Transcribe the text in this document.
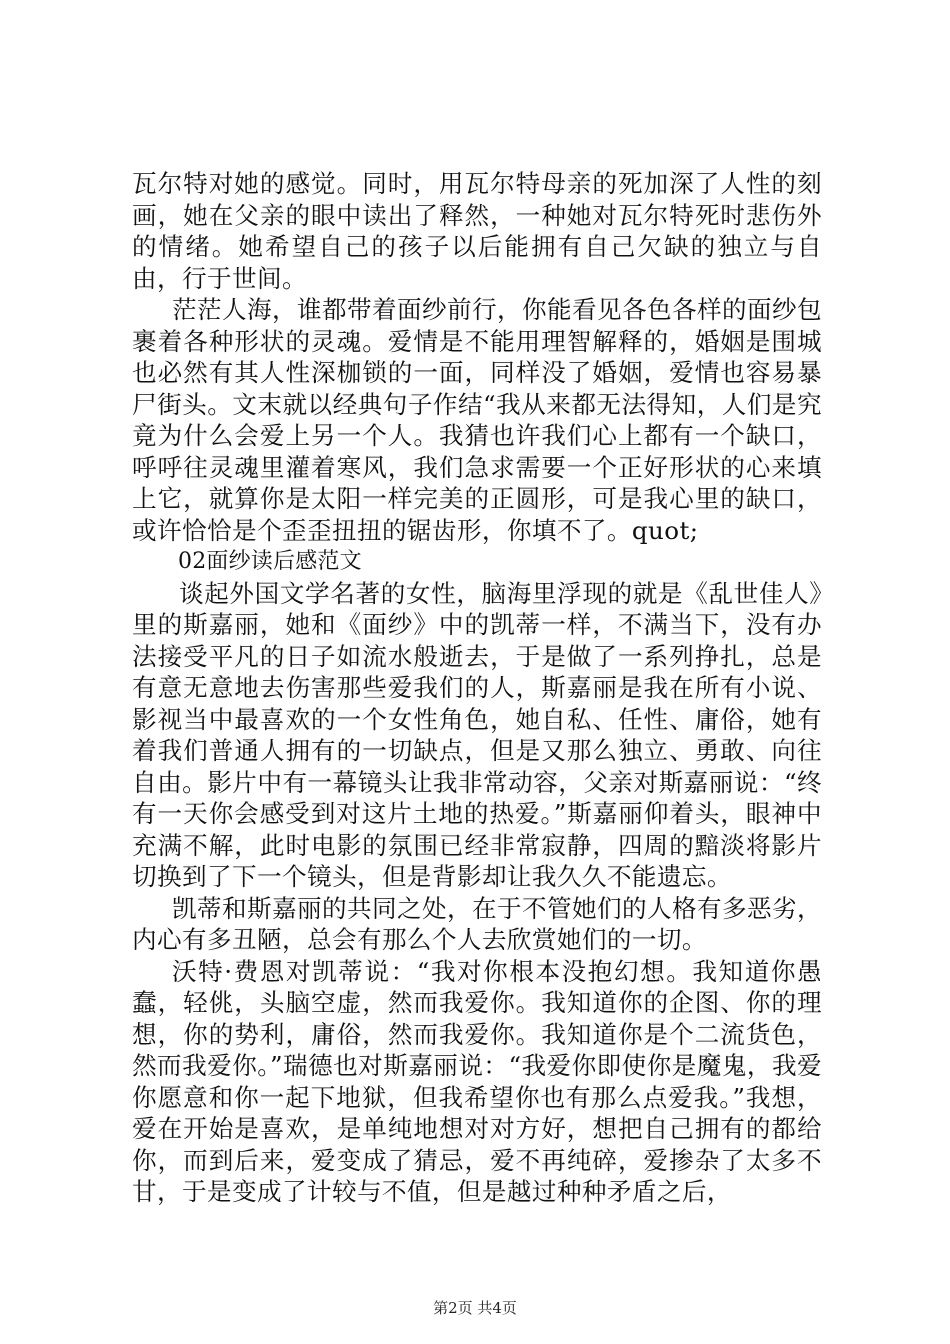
瓦尔特对她的感觉。同时，用瓦尔特母亲的死加深了人性的刻画，她在父亲的眼中读出了释然，一种她对瓦尔特死时悲伤外的情绪。她希望自己的孩子以后能拥有自己欠缺的独立与自由，行于世间。

茫茫人海，谁都带着面纱前行，你能看见各色各样的面纱包裹着各种形状的灵魂。爱情是不能用理智解释的，婚姻是围城也必然有其人性深枷锁的一面，同样没了婚姻，爱情也容易暴尸街头。文末就以经典句子作结“我从来都无法得知，人们是究竟为什么会爱上另一个人。我猜也许我们心上都有一个缺口，呼呼往灵魂里灌着寒风，我们急求需要一个正好形状的心来填上它，就算你是太阳一样完美的正圆形，可是我心里的缺口，或许恰恰是个歪歪扭扭的锯齿形，你填不了。quot;

02面纱读后感范文

谈起外国文学名著的女性，脑海里浮现的就是《乱世佳人》里的斯嘉丽，她和《面纱》中的凯蒂一样，不满当下，没有办法接受平凡的日子如流水般逝去，于是做了一系列挣扎，总是有意无意地去伤害那些爱我们的人，斯嘉丽是我在所有小说、影视当中最喜欢的一个女性角色，她自私、任性、庸俗，她有着我们普通人拥有的一切缺点，但是又那么独立、勇敢、向往自由。影片中有一幕镜头让我非常动容，父亲对斯嘉丽说：“终有一天你会感受到对这片土地的热爱。”斯嘉丽仰着头，眼神中充满不解，此时电影的氛围已经非常寂静，四周的黯淡将影片切换到了下一个镜头，但是背影却让我久久不能遗忘。

凯蒂和斯嘉丽的共同之处，在于不管她们的人格有多恶劣，内心有多丑陋，总会有那么个人去欣赏她们的一切。

沃特·费恩对凯蒂说：“我对你根本没抱幻想。我知道你愚蠢，轻佻，头脑空虚，然而我爱你。我知道你的企图、你的理想，你的势利，庸俗，然而我爱你。我知道你是个二流货色，然而我爱你。”瑞德也对斯嘉丽说：“我爱你即使你是魔鬼，我爱你愿意和你一起下地狱，但我希望你也有那么点爱我。”我想，爱在开始是喜欢，是单纯地想对对方好，想把自己拥有的都给你，而到后来，爱变成了猜忌，爱不再纯碎，爱掺杂了太多不甘，于是变成了计较与不值，但是越过种种矛盾之后，

第2页 共4页
